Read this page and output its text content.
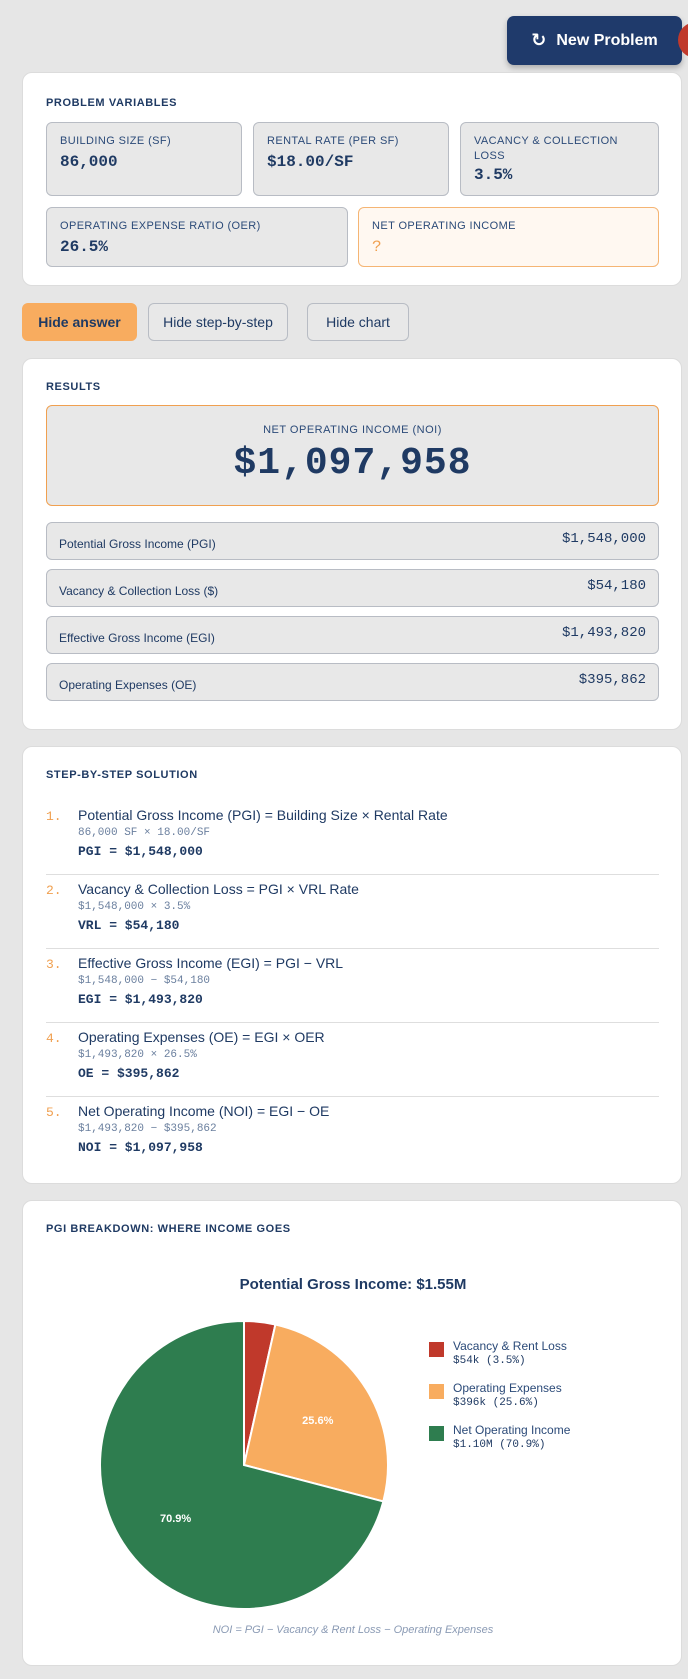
↻ New Problem
PROBLEM VARIABLES
BUILDING SIZE (SF)
86,000
RENTAL RATE (PER SF)
$18.00/SF
VACANCY & COLLECTION LOSS
3.5%
OPERATING EXPENSE RATIO (OER)
26.5%
NET OPERATING INCOME
?
Hide answer	Hide step-by-step	Hide chart
RESULTS
NET OPERATING INCOME (NOI)
$1,097,958
Potential Gross Income (PGI)	$1,548,000
Vacancy & Collection Loss ($)	$54,180
Effective Gross Income (EGI)	$1,493,820
Operating Expenses (OE)	$395,862
STEP-BY-STEP SOLUTION
1. Potential Gross Income (PGI) = Building Size × Rental Rate
86,000 SF × 18.00/SF
PGI = $1,548,000
2. Vacancy & Collection Loss = PGI × VRL Rate
$1,548,000 × 3.5%
VRL = $54,180
3. Effective Gross Income (EGI) = PGI − VRL
$1,548,000 − $54,180
EGI = $1,493,820
4. Operating Expenses (OE) = EGI × OER
$1,493,820 × 26.5%
OE = $395,862
5. Net Operating Income (NOI) = EGI − OE
$1,493,820 − $395,862
NOI = $1,097,958
PGI BREAKDOWN: WHERE INCOME GOES
Potential Gross Income: $1.55M
25.6%
70.9%
Vacancy & Rent Loss
$54k (3.5%)
Operating Expenses
$396k (25.6%)
Net Operating Income
$1.10M (70.9%)
NOI = PGI − Vacancy & Rent Loss − Operating Expenses
